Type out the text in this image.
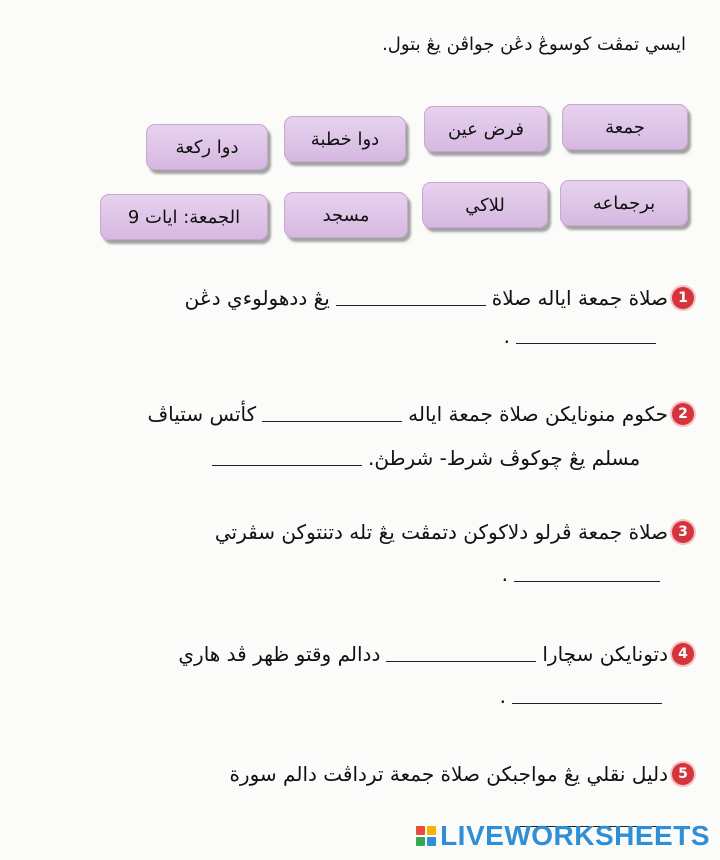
ايسي تمڤت كوسوڠ دڠن جواڤن يڠ بتول.
جمعة
فرض عين
دوا خطبة
دوا ركعة
برجماعه
للاكي
مسجد
الجمعة: ايات 9
1
صلاة جمعة اياله صلاة
يڠ ددهولوءي دڠن
.
2
حكوم منونايكن صلاة جمعة اياله
كأتس ستياڤ
مسلم يڠ چوكوڤ شرط- شرطڽ.
3
صلاة جمعة ڤرلو دلاكوكن دتمڤت يڠ تله دتنتوكن سڤرتي
.
4
دتونايكن سچارا
ددالم وقتو ظهر ڤد هاري
.
5
دليل نقلي يڠ مواجبكن صلاة جمعة ترداڤت دالم سورة
LIVEWORKSHEETS
